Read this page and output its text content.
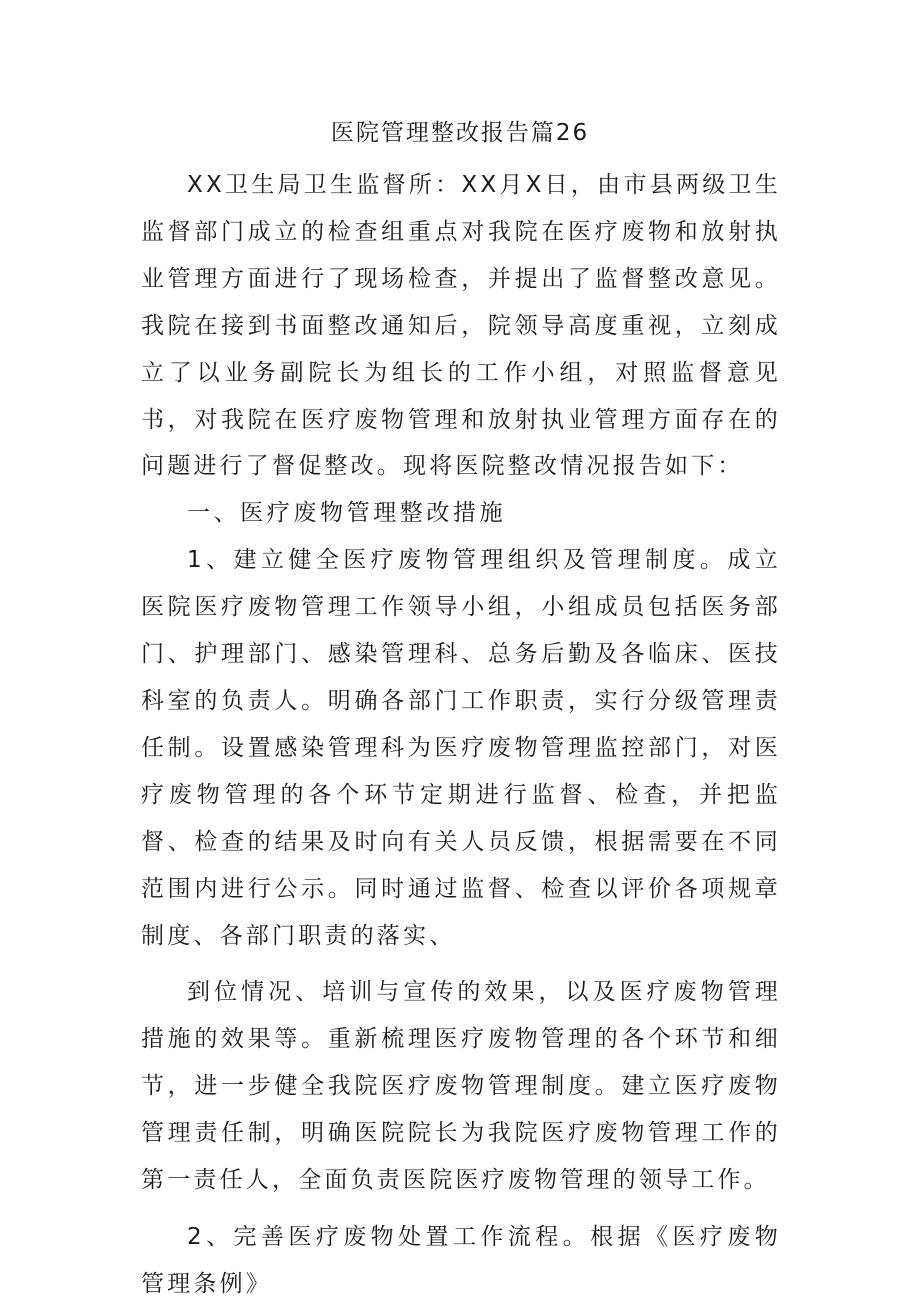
医院管理整改报告篇26

XX卫生局卫生监督所：XX月X日，由市县两级卫生监督部门成立的检查组重点对我院在医疗废物和放射执业管理方面进行了现场检查，并提出了监督整改意见。我院在接到书面整改通知后，院领导高度重视，立刻成立了以业务副院长为组长的工作小组，对照监督意见书，对我院在医疗废物管理和放射执业管理方面存在的问题进行了督促整改。现将医院整改情况报告如下：

一、医疗废物管理整改措施

1、建立健全医疗废物管理组织及管理制度。成立医院医疗废物管理工作领导小组，小组成员包括医务部门、护理部门、感染管理科、总务后勤及各临床、医技科室的负责人。明确各部门工作职责，实行分级管理责任制。设置感染管理科为医疗废物管理监控部门，对医疗废物管理的各个环节定期进行监督、检查，并把监督、检查的结果及时向有关人员反馈，根据需要在不同范围内进行公示。同时通过监督、检查以评价各项规章制度、各部门职责的落实、

到位情况、培训与宣传的效果，以及医疗废物管理措施的效果等。重新梳理医疗废物管理的各个环节和细节，进一步健全我院医疗废物管理制度。建立医疗废物管理责任制，明确医院院长为我院医疗废物管理工作的第一责任人，全面负责医院医疗废物管理的领导工作。

2、完善医疗废物处置工作流程。根据《医疗废物管理条例》
